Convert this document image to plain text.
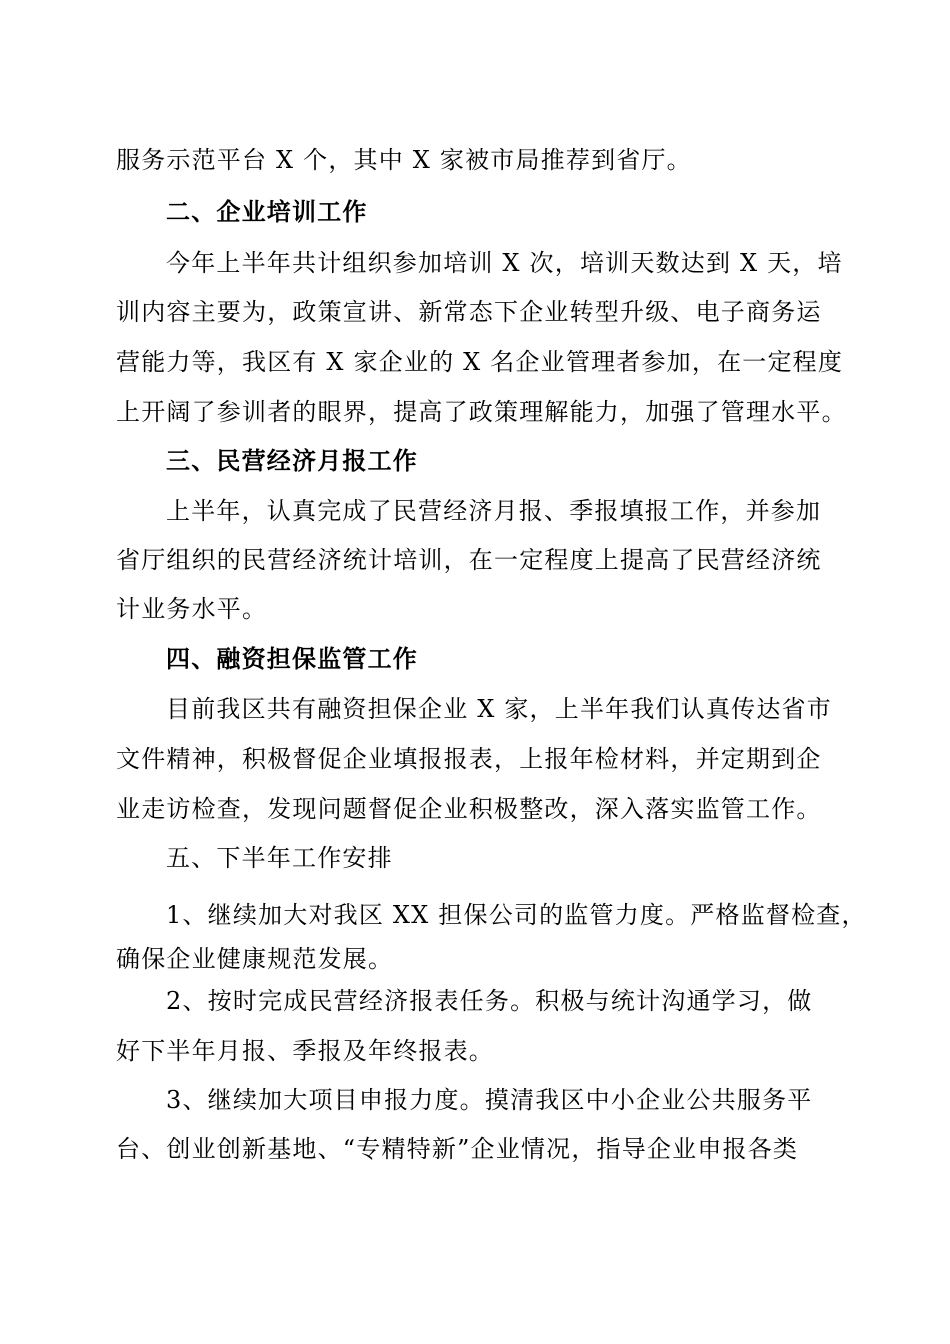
服务示范平台 X 个，其中 X 家被市局推荐到省厅。
二、企业培训工作
今年上半年共计组织参加培训 X 次，培训天数达到 X 天，培
训内容主要为，政策宣讲、新常态下企业转型升级、电子商务运
营能力等，我区有 X 家企业的 X 名企业管理者参加，在一定程度
上开阔了参训者的眼界，提高了政策理解能力，加强了管理水平。
三、民营经济月报工作
上半年，认真完成了民营经济月报、季报填报工作，并参加
省厅组织的民营经济统计培训，在一定程度上提高了民营经济统
计业务水平。
四、融资担保监管工作
目前我区共有融资担保企业 X 家，上半年我们认真传达省市
文件精神，积极督促企业填报报表，上报年检材料，并定期到企
业走访检查，发现问题督促企业积极整改，深入落实监管工作。
五、下半年工作安排
1、继续加大对我区 XX 担保公司的监管力度。严格监督检查，
确保企业健康规范发展。
2、按时完成民营经济报表任务。积极与统计沟通学习，做
好下半年月报、季报及年终报表。
3、继续加大项目申报力度。摸清我区中小企业公共服务平
台、创业创新基地、“专精特新”企业情况，指导企业申报各类
